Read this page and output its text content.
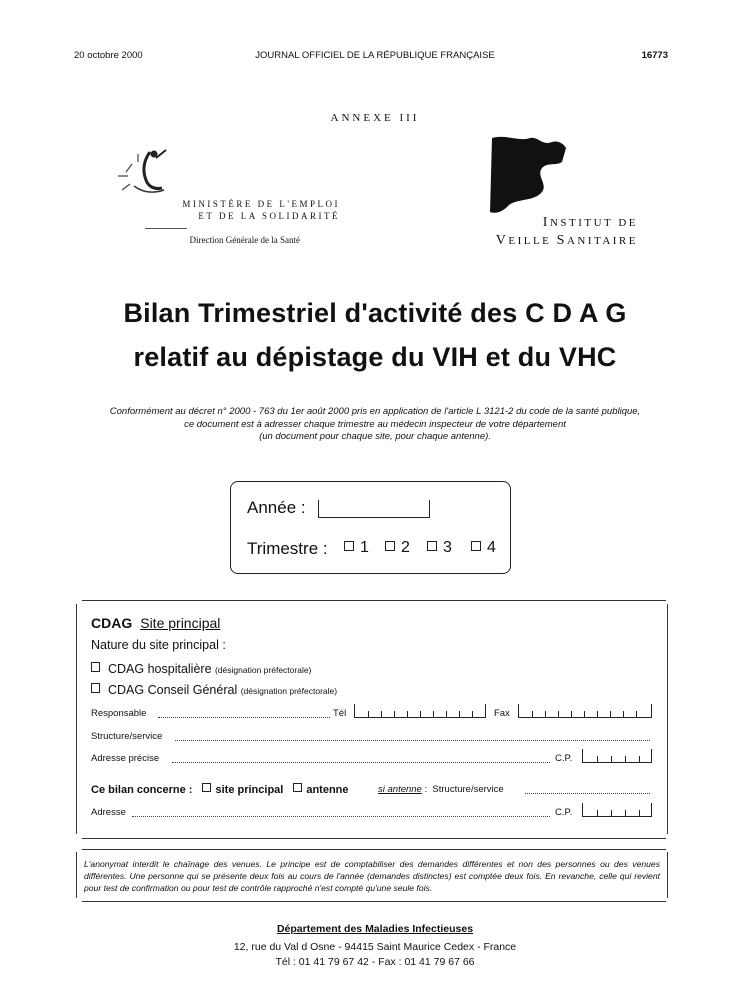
20 octobre 2000	JOURNAL OFFICIEL DE LA RÉPUBLIQUE FRANÇAISE	16773
ANNEXE III
MINISTÈRE DE L'EMPLOI
ET DE LA SOLIDARITÉ
Direction Générale de la Santé
INSTITUT DE
VEILLE SANITAIRE
Bilan Trimestriel d'activité des C D A G
relatif au dépistage du VIH et du VHC
Conformément au décret n° 2000 - 763 du 1er août 2000 pris en application de l'article L 3121-2 du code de la santé publique,
ce document est à adresser chaque trimestre au médecin inspecteur de votre département
(un document pour chaque site, pour chaque antenne).
Année :
Trimestre :	1	2	3	4
CDAG Site principal
Nature du site principal :
CDAG hospitalière (désignation préfectorale)
CDAG Conseil Général (désignation préfectorale)
Responsable	Tél	Fax
Structure/service
Adresse précise	C.P.
Ce bilan concerne : site principal antenne	si antenne : Structure/service
Adresse	C.P.
L'anonymat interdit le chaînage des venues. Le principe est de comptabiliser des demandes différentes et non des personnes ou des venues différentes. Une personne qui se présente deux fois au cours de l'année (demandes distinctes) est comptée deux fois. En revanche, celle qui revient pour test de confirmation ou pour test de contrôle rapproché n'est compté qu'une seule fois.
Département des Maladies Infectieuses
12, rue du Val d Osne - 94415 Saint Maurice Cedex - France
Tél : 01 41 79 67 42 - Fax : 01 41 79 67 66
